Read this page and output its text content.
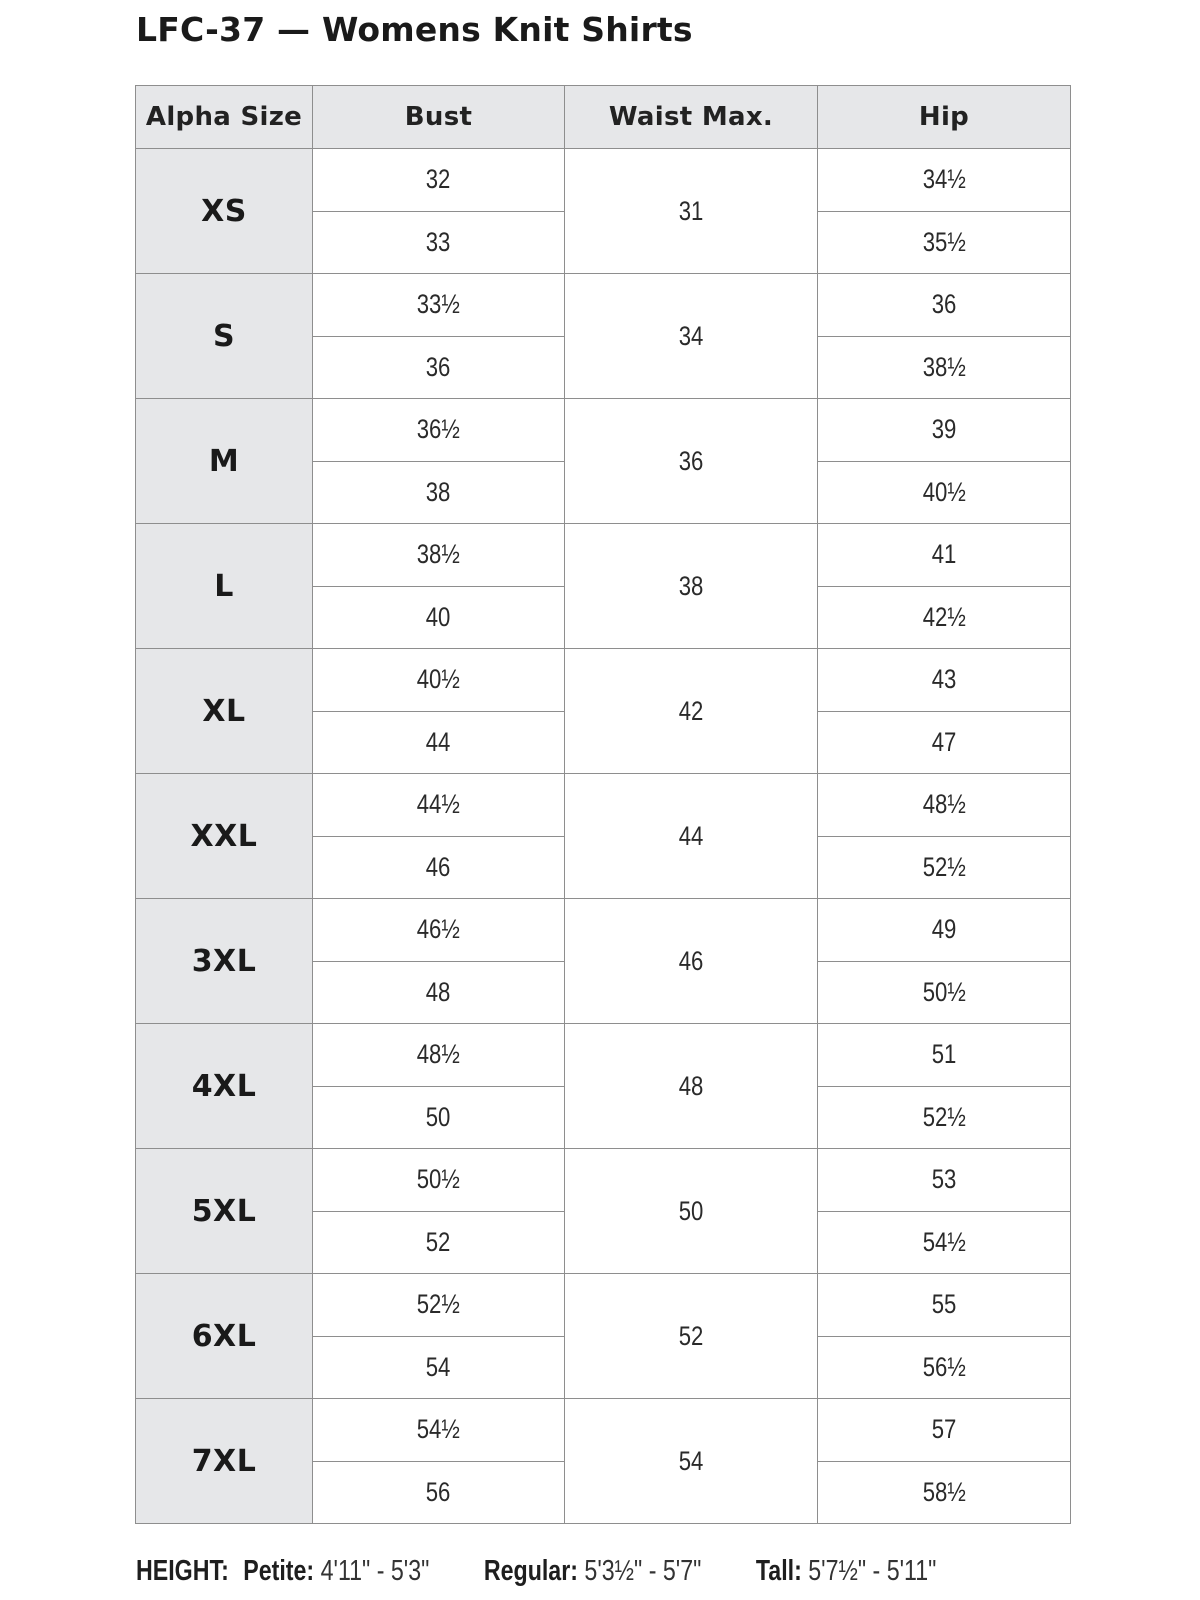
LFC-37 — Womens Knit Shirts
Alpha Size	Bust	Waist Max.	Hip
XS	32	31	34½
	33		35½
S	33½	34	36
	36		38½
M	36½	36	39
	38		40½
L	38½	38	41
	40		42½
XL	40½	42	43
	44		47
XXL	44½	44	48½
	46		52½
3XL	46½	46	49
	48		50½
4XL	48½	48	51
	50		52½
5XL	50½	50	53
	52		54½
6XL	52½	52	55
	54		56½
7XL	54½	54	57
	56		58½
HEIGHT: Petite: 4'11" - 5'3" Regular: 5'3½" - 5'7" Tall: 5'7½" - 5'11"
